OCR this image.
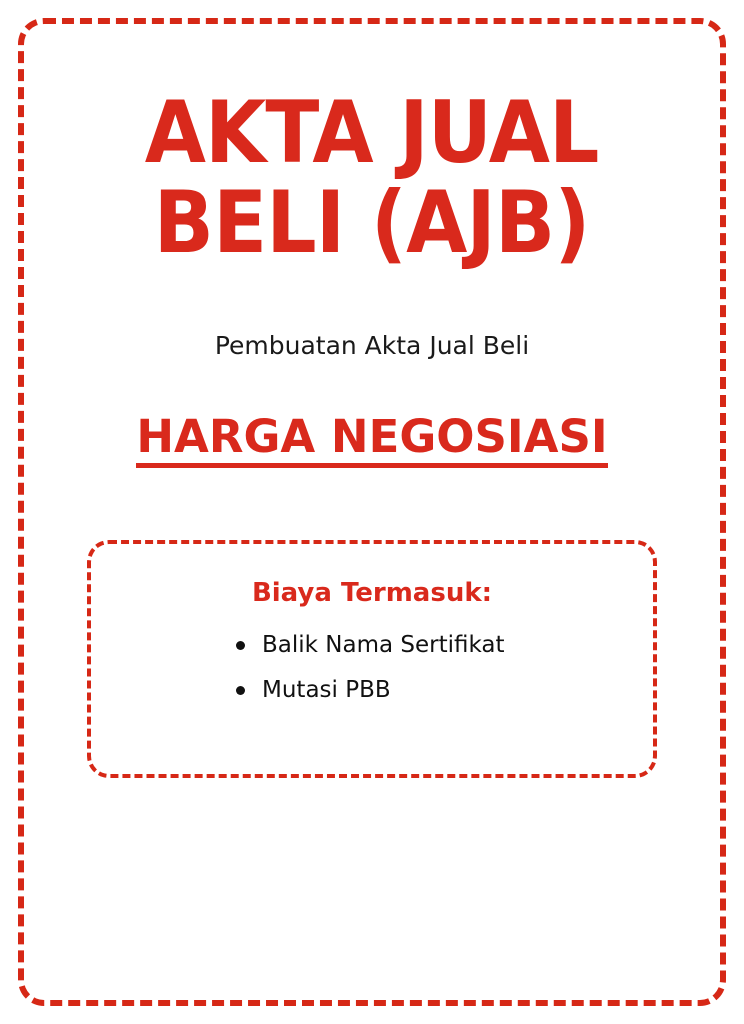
AKTA JUAL
BELI (AJB)
Pembuatan Akta Jual Beli
HARGA NEGOSIASI
Biaya Termasuk:
Balik Nama Sertifikat
Mutasi PBB
